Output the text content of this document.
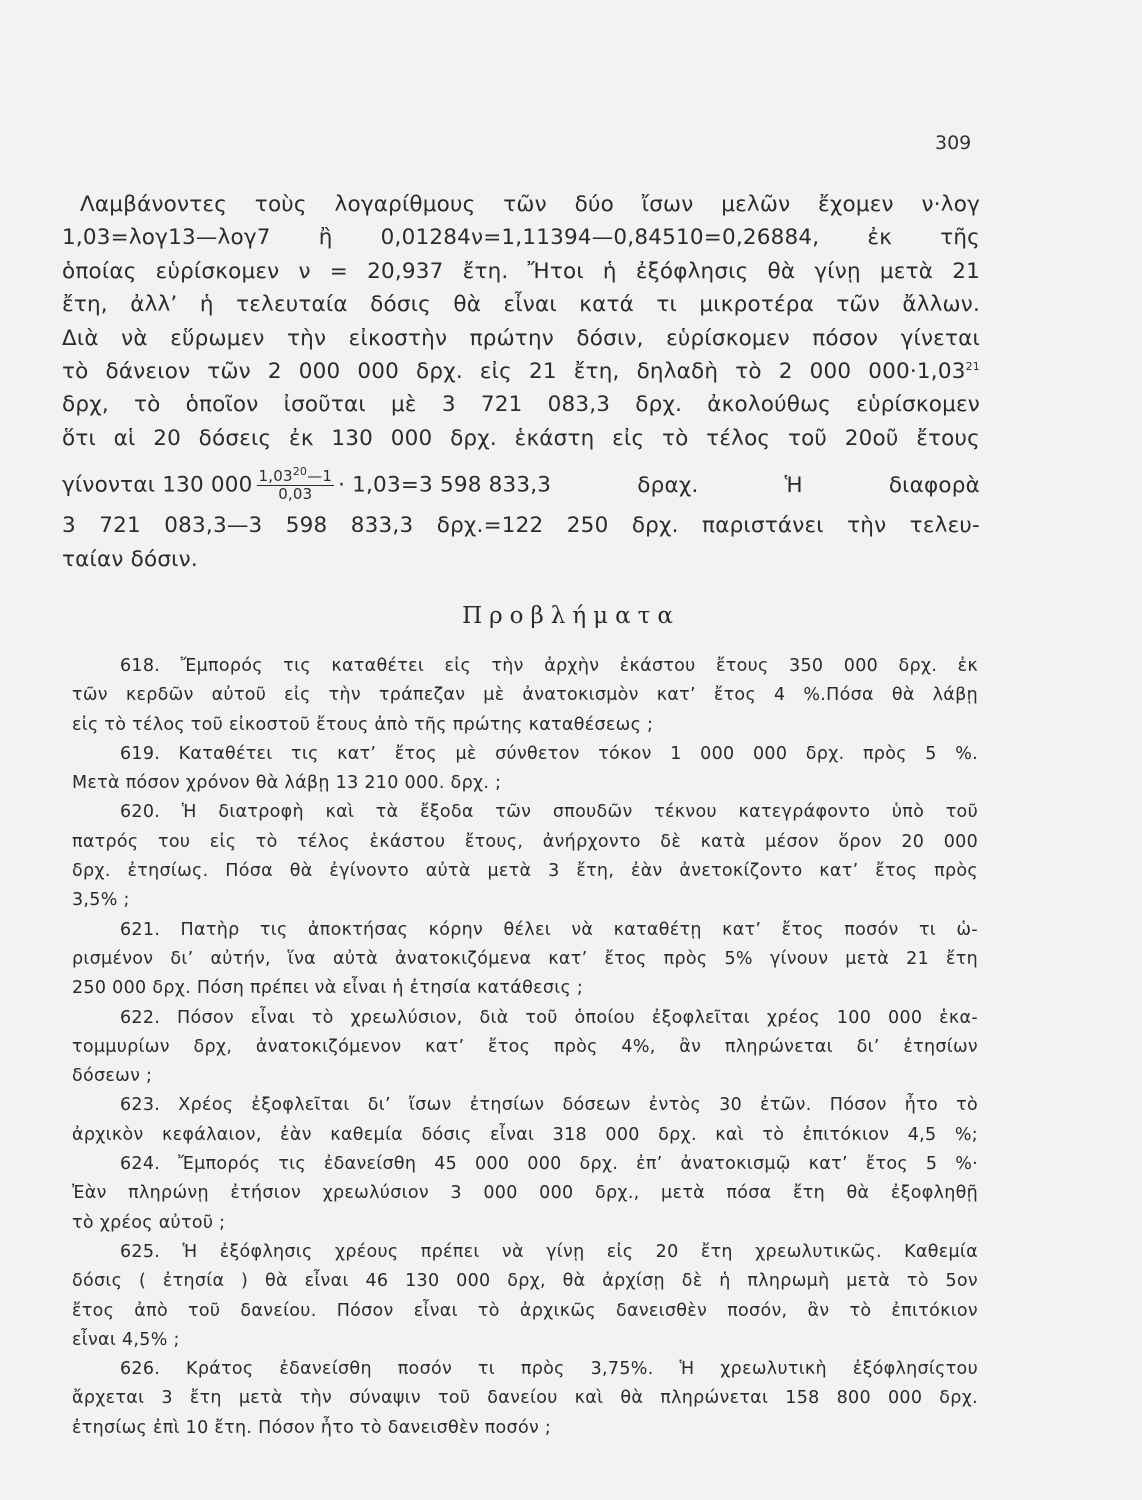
309
Λαμβάνοντες τοὺς λογαρίθμους τῶν δύο ἴσων μελῶν ἔχομεν ν·λογ
1,03=λογ13—λογ7 ἢ 0,01284ν=1,11394—0,84510=0,26884, ἐκ τῆς
ὁποίας εὑρίσκομεν ν = 20,937 ἔτη. Ἤτοι ἡ ἐξόφλησις θὰ γίνῃ μετὰ 21
ἔτη, ἀλλ’ ἡ τελευταία δόσις θὰ εἶναι κατά τι μικροτέρα τῶν ἄλλων.
Διὰ νὰ εὕρωμεν τὴν εἰκοστὴν πρώτην δόσιν, εὑρίσκομεν πόσον γίνεται
τὸ δάνειον τῶν 2 000 000 δρχ. εἰς 21 ἔτη, δηλαδὴ τὸ 2 000 $000\cdot 1,03^{21}$
δρχ, τὸ ὁποῖον ἰσοῦται μὲ 3 721 083,3 δρχ. ἀκολούθως εὑρίσκομεν
ὅτι αἱ 20 δόσεις ἐκ 130 000 δρχ. ἑκάστη εἰς τὸ τέλος τοῦ 20οῦ ἔτους
γίνονται 130 $000 \frac{1,03^{20}—1}{0,03} \cdot 1,03=3$ 598 833,3	δραχ.	Ἡ	διαφορὰ
3 721 083,3—3 598 833,3 δρχ.=122 250 δρχ. παριστάνει τὴν τελευ-
ταίαν δόσιν.
Προβλήματα
618. Ἔμπορός τις καταθέτει εἰς τὴν ἀρχὴν ἑκάστου ἔτους 350 000 δρχ. ἐκ
τῶν κερδῶν αὐτοῦ εἰς τὴν τράπεζαν μὲ ἀνατοκισμὸν κατ’ ἔτος 4 %.Πόσα θὰ λάβῃ
εἰς τὸ τέλος τοῦ εἰκοστοῦ ἔτους ἀπὸ τῆς πρώτης καταθέσεως ;
619. Καταθέτει τις κατ’ ἔτος μὲ σύνθετον τόκον 1 000 000 δρχ. πρὸς 5 %.
Μετὰ πόσον χρόνον θὰ λάβῃ 13 210 000. δρχ. ;
620. Ἡ διατροφὴ καὶ τὰ ἔξοδα τῶν σπουδῶν τέκνου κατεγράφοντο ὑπὸ τοῦ
πατρός του εἰς τὸ τέλος ἑκάστου ἔτους, ἀνήρχοντο δὲ κατὰ μέσον ὅρον 20 000
δρχ. ἐτησίως. Πόσα θὰ ἐγίνοντο αὐτὰ μετὰ 3 ἔτη, ἐὰν ἀνετοκίζοντο κατ’ ἔτος πρὸς
3,5% ;
621. Πατὴρ τις ἀποκτήσας κόρην θέλει νὰ καταθέτῃ κατ’ ἔτος ποσόν τι ὡ-
ρισμένον δι’ αὐτήν, ἵνα αὐτὰ ἀνατοκιζόμενα κατ’ ἔτος πρὸς 5% γίνουν μετὰ 21 ἔτη
250 000 δρχ. Πόση πρέπει νὰ εἶναι ἡ ἐτησία κατάθεσις ;
622. Πόσον εἶναι τὸ χρεωλύσιον, διὰ τοῦ ὁποίου ἐξοφλεῖται χρέος 100 000 ἑκα-
τομμυρίων δρχ, ἀνατοκιζόμενον κατ’ ἔτος πρὸς 4%, ἂν πληρώνεται δι’ ἐτησίων
δόσεων ;
623. Χρέος ἐξοφλεῖται δι’ ἴσων ἐτησίων δόσεων ἐντὸς 30 ἐτῶν. Πόσον ἦτο τὸ
ἀρχικὸν κεφάλαιον, ἐὰν καθεμία δόσις εἶναι 318 000 δρχ. καὶ τὸ ἐπιτόκιον 4,5 %;
624. Ἔμπορός τις ἐδανείσθη 45 000 000 δρχ. ἐπ’ ἀνατοκισμῷ κατ’ ἔτος 5 %·
Ἐὰν πληρώνῃ ἐτήσιον χρεωλύσιον 3 000 000 δρχ., μετὰ πόσα ἔτη θὰ ἐξοφληθῇ
τὸ χρέος αὐτοῦ ;
625. Ἡ ἐξόφλησις χρέους πρέπει νὰ γίνῃ εἰς 20 ἔτη χρεωλυτικῶς. Καθεμία
δόσις ( ἐτησία ) θὰ εἶναι 46 130 000 δρχ, θὰ ἀρχίσῃ δὲ ἡ πληρωμὴ μετὰ τὸ 5ον
ἔτος ἀπὸ τοῦ δανείου. Πόσον εἶναι τὸ ἀρχικῶς δανεισθὲν ποσόν, ἂν τὸ ἐπιτόκιον
εἶναι 4,5% ;
626. Κράτος ἐδανείσθη ποσόν τι πρὸς 3,75%. Ἡ χρεωλυτικὴ ἐξόφλησίςτου
ἄρχεται 3 ἔτη μετὰ τὴν σύναψιν τοῦ δανείου καὶ θὰ πληρώνεται 158 800 000 δρχ.
ἐτησίως ἐπὶ 10 ἔτη. Πόσον ἦτο τὸ δανεισθὲν ποσόν ;
